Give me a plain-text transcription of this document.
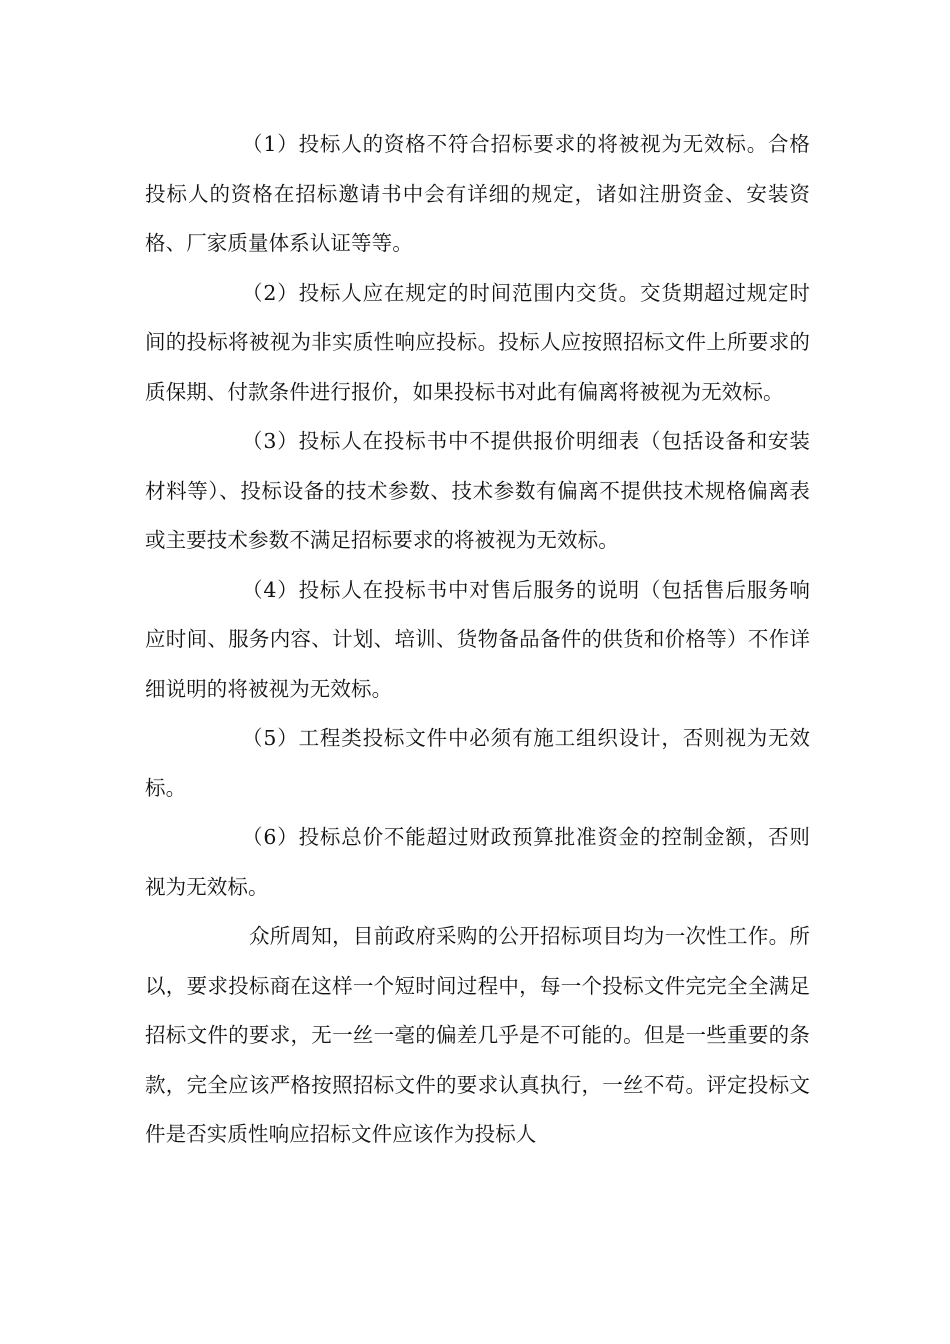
（1）投标人的资格不符合招标要求的将被视为无效标。合格投标人的资格在招标邀请书中会有详细的规定，诸如注册资金、安装资格、厂家质量体系认证等等。

（2）投标人应在规定的时间范围内交货。交货期超过规定时间的投标将被视为非实质性响应投标。投标人应按照招标文件上所要求的质保期、付款条件进行报价，如果投标书对此有偏离将被视为无效标。

（3）投标人在投标书中不提供报价明细表（包括设备和安装材料等）、投标设备的技术参数、技术参数有偏离不提供技术规格偏离表或主要技术参数不满足招标要求的将被视为无效标。

（4）投标人在投标书中对售后服务的说明（包括售后服务响应时间、服务内容、计划、培训、货物备品备件的供货和价格等）不作详细说明的将被视为无效标。

（5）工程类投标文件中必须有施工组织设计，否则视为无效标。

（6）投标总价不能超过财政预算批准资金的控制金额，否则视为无效标。

众所周知，目前政府采购的公开招标项目均为一次性工作。所以，要求投标商在这样一个短时间过程中，每一个投标文件完完全全满足招标文件的要求，无一丝一毫的偏差几乎是不可能的。但是一些重要的条款，完全应该严格按照招标文件的要求认真执行，一丝不苟。评定投标文件是否实质性响应招标文件应该作为投标人
